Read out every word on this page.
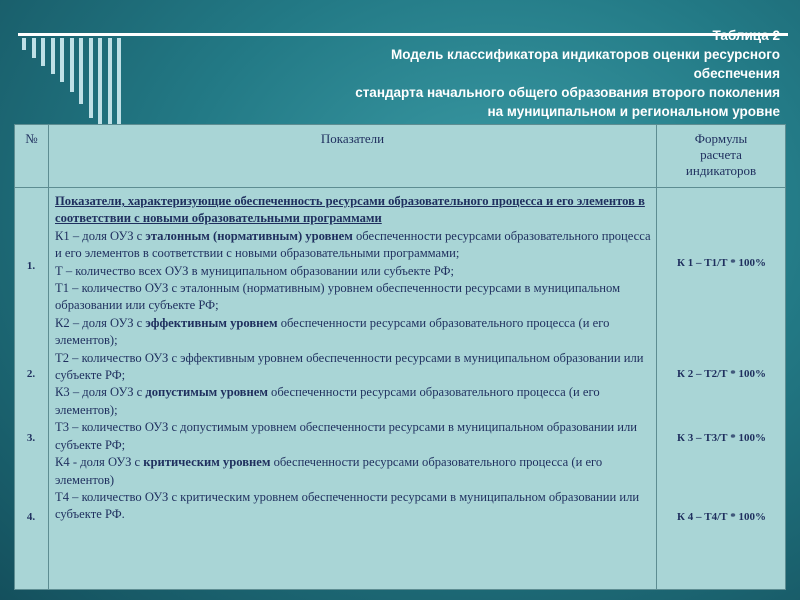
Таблица 2
Модель классификатора индикаторов оценки ресурсного
обеспечения
стандарта начального общего образования второго поколения
на муниципальном и региональном уровне
№	Показатели	Формулы
расчета
индикаторов
1.
2.
3.
4.
К 1 – Т1/Т * 100%
К 2 – Т2/Т * 100%
К 3 – Т3/Т * 100%
К 4 – Т4/Т * 100%

Показатели, характеризующие обеспеченность ресурсами образовательного процесса и его элементов в соответствии с новыми образовательными программами

К1 – доля ОУЗ с эталонным (нормативным) уровнем обеспеченности ресурсами образовательного процесса и его элементов в соответствии с новыми образовательными программами;

Т – количество всех ОУЗ в муниципальном образовании или субъекте РФ;

Т1 – количество ОУЗ с эталонным (нормативным) уровнем обеспеченности ресурсами в муниципальном образовании или субъекте РФ;

К2 – доля ОУЗ с эффективным уровнем обеспеченности ресурсами образовательного процесса (и его элементов);

Т2 – количество ОУЗ с эффективным уровнем обеспеченности ресурсами в муниципальном образовании или субъекте РФ;

К3 – доля ОУЗ с допустимым уровнем обеспеченности ресурсами образовательного процесса (и его элементов);

Т3 – количество ОУЗ с допустимым уровнем обеспеченности ресурсами в муниципальном образовании или субъекте РФ;

К4 - доля ОУЗ с критическим уровнем обеспеченности ресурсами образовательного процесса (и его элементов)

Т4 – количество ОУЗ с критическим уровнем обеспеченности ресурсами в муниципальном образовании или субъекте РФ.
